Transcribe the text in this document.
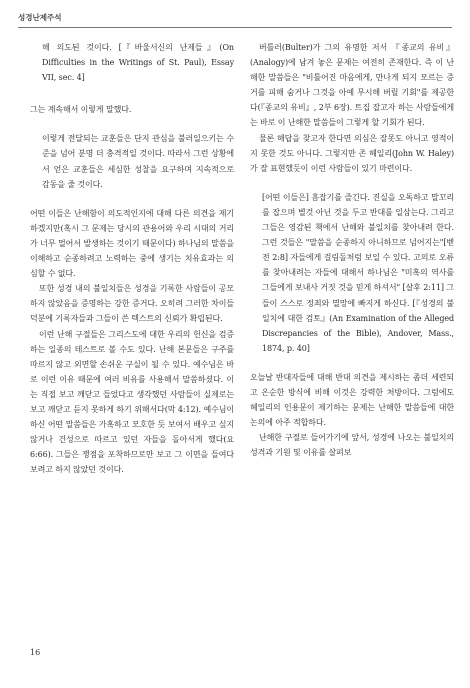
성경난제주석

해 의도된 것이다. [『바울서신의 난제들』(On Difficulties in the Writings of St. Paul), Essay VII, sec. 4]

그는 계속해서 이렇게 말했다.

이렇게 전달되는 교훈들은 단지 관심을 불러일으키는 수준을 넘어 분명 더 충격적일 것이다. 따라서 그런 상황에서 얻은 교훈들은 세심한 성찰을 요구하며 지속적으로 감동을 줄 것이다.

어떤 이들은 난해함이 의도적인지에 대해 다른 의견을 제기하겠지만(혹시 그 문제는 당시의 관용어와 우리 시대의 거리가 너무 멀어서 발생하는 것이기 때문이다) 하나님의 말씀을 이해하고 순종하려고 노력하는 중에 생기는 치유효과는 의심할 수 없다.

또한 성경 내의 불일치들은 성경을 기록한 사람들이 공모하지 않았음을 증명하는 강한 증거다. 오히려 그러한 차이들 덕분에 기록자들과 그들이 쓴 텍스트의 신뢰가 확립된다.

이런 난해 구절들은 그리스도에 대한 우리의 헌신을 검증하는 일종의 테스트로 볼 수도 있다. 난해 본문들은 구주를 따르지 않고 외면할 손쉬운 구실이 될 수 있다. 예수님은 바로 이런 이유 때문에 여러 비유를 사용해서 말씀하셨다. 이는 직접 보고 깨닫고 들었다고 생각했던 사람들이 실제로는 보고 깨닫고 듣지 못하게 하기 위해서다(막 4:12). 예수님이 하신 어떤 말씀들은 가혹하고 모호한 듯 보여서 배우고 싶지 않거나 건성으로 따르고 있던 자들을 돌아서게 했다(요 6:66). 그들은 쟁점을 포착하므로만 보고 그 이면을 들여다보려고 하지 않았던 것이다.

버틀러(Bulter)가 그의 유명한 저서 『종교의 유비』(Analogy)에 남겨 놓은 문제는 여전히 존재한다. 즉 이 난해한 말씀들은 "비틀어진 마음에게, 만나게 되지 모르는 증거를 피해 숨거나 그것을 아예 무시해 버릴 기회"를 제공한다(『종교의 유비』, 2부 6장). 트집 잡고자 하는 사람들에게는 바로 이 난해한 말씀들이 그렇게 할 기회가 된다.

물론 해답을 찾고자 한다면 의심은 잘못도 아니고 영적이지 못한 것도 아니다. 그렇지만 존 헤일리(John W. Haley)가 잘 표현했듯이 이런 사람들이 있기 마련이다.

[어떤 이들은] 흠잡기를 즐긴다. 진실을 오독하고 말꼬리를 잡으며 별것 아닌 것을 두고 반대를 일삼는다. 그리고 그들은 영감된 책에서 난해와 불일치를 찾아내려 한다. 그런 것들은 "말씀을 순종하지 아니하므로 넘어지는"[벧전 2:8] 자들에게 걸림돌처럼 보일 수 있다. 고의로 오류를 찾아내려는 자들에 대해서 하나님은 "미혹의 역사를 그들에게 보내사 거짓 것을 믿게 하셔서" [살후 2:11] 그들이 스스로 정죄와 멸망에 빠지게 하신다. [『성경의 불일치에 대한 검토』(An Examination of the Alleged Discrepancies of the Bible), Andover, Mass., 1874, p. 40]

오늘날 반대자들에 대해 반대 의견을 제시하는 좀더 세련되고 온순한 방식에 비해 이것은 강력한 처방이다. 그럼에도 헤일리의 인용문이 제기하는 문제는 난해한 말씀들에 대한 논의에 아주 적합하다.

난해한 구절로 들어가기에 앞서, 성경에 나오는 불일치의 성격과 기원 및 이유를 살펴보

16
